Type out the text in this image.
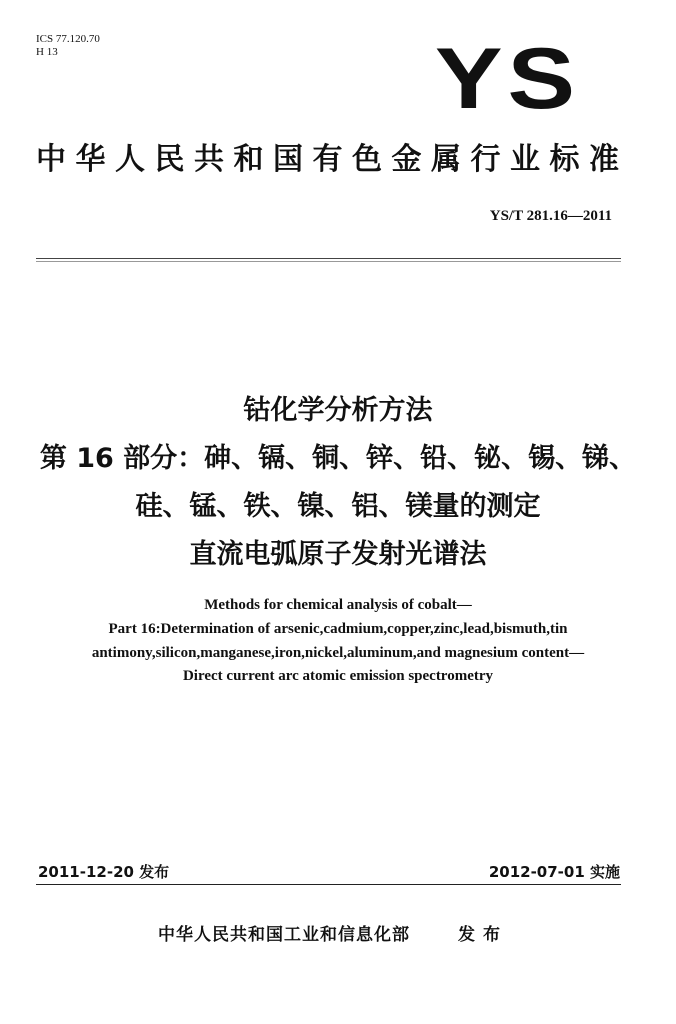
ICS 77.120.70
H 13	YS
中华人民共和国有色金属行业标准
YS/T 281.16—2011
钴化学分析方法
第 16 部分：砷、镉、铜、锌、铅、铋、锡、锑、
硅、锰、铁、镍、铝、镁量的测定
直流电弧原子发射光谱法
Methods for chemical analysis of cobalt—
Part 16:Determination of arsenic,cadmium,copper,zinc,lead,bismuth,tin
antimony,silicon,manganese,iron,nickel,aluminum,and magnesium content—
Direct current arc atomic emission spectrometry
2011-12-20 发布	2012-07-01 实施
中华人民共和国工业和信息化部	发布
